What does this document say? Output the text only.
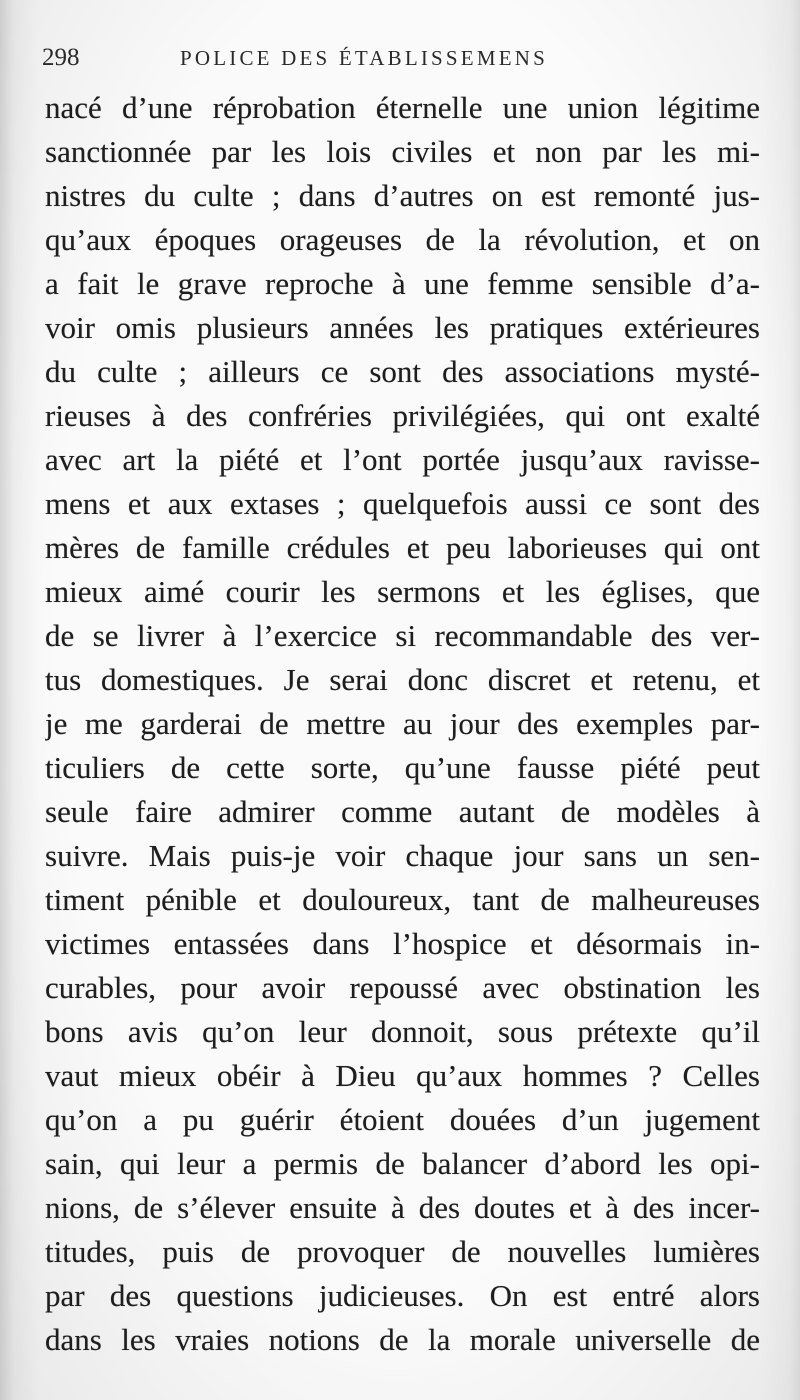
298	POLICE DES ÉTABLISSEMENS
nacé d’une réprobation éternelle une union légitime
sanctionnée par les lois civiles et non par les mi-
nistres du culte ; dans d’autres on est remonté jus-
qu’aux époques orageuses de la révolution, et on
a fait le grave reproche à une femme sensible d’a-
voir omis plusieurs années les pratiques extérieures
du culte ; ailleurs ce sont des associations mysté-
rieuses à des confréries privilégiées, qui ont exalté
avec art la piété et l’ont portée jusqu’aux ravisse-
mens et aux extases ; quelquefois aussi ce sont des
mères de famille crédules et peu laborieuses qui ont
mieux aimé courir les sermons et les églises, que
de se livrer à l’exercice si recommandable des ver-
tus domestiques. Je serai donc discret et retenu, et
je me garderai de mettre au jour des exemples par-
ticuliers de cette sorte, qu’une fausse piété peut
seule faire admirer comme autant de modèles à
suivre. Mais puis-je voir chaque jour sans un sen-
timent pénible et douloureux, tant de malheureuses
victimes entassées dans l’hospice et désormais in-
curables, pour avoir repoussé avec obstination les
bons avis qu’on leur donnoit, sous prétexte qu’il
vaut mieux obéir à Dieu qu’aux hommes ? Celles
qu’on a pu guérir étoient douées d’un jugement
sain, qui leur a permis de balancer d’abord les opi-
nions, de s’élever ensuite à des doutes et à des incer-
titudes, puis de provoquer de nouvelles lumières
par des questions judicieuses. On est entré alors
dans les vraies notions de la morale universelle de
